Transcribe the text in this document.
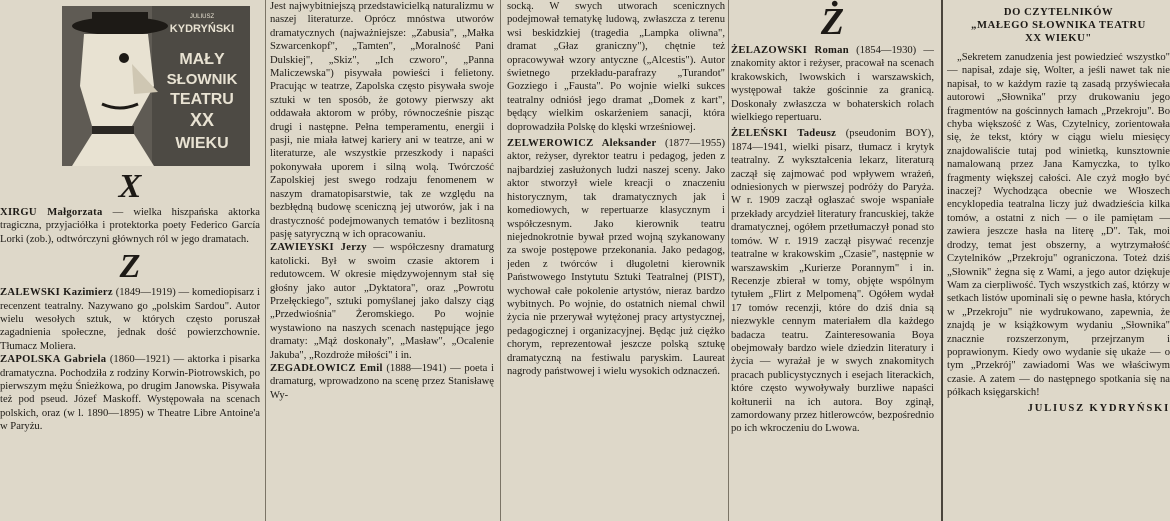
X

XIRGU Małgorzata — wielka hiszpańska aktorka tragiczna, przyjaciółka i protektorka poety Federico García Lorki (zob.), odtwórczyni głównych ról w jego dramatach.

Z

ZALEWSKI Kazimierz (1849—1919) — komediopisarz i recenzent teatralny. Nazywano go „polskim Sardou". Autor wielu wesołych sztuk, w których często poruszał zagadnienia społeczne, jednak dość powierzchownie. Tłumacz Moliera.

ZAPOLSKA Gabriela (1860—1921) — aktorka i pisarka dramatyczna. Pochodziła z rodziny Korwin-Piotrowskich, po pierwszym mężu Śnieżkowa, po drugim Janowska. Pisywała też pod pseud. Józef Maskoff. Występowała na scenach polskich, oraz (w l. 1890—1895) w Theatre Libre Antoine'a w Paryżu.

JULIUSZ
KYDRYŃSKI
MAŁY
SŁOWNIK
TEATRU
XX
WIEKU

Jest najwybitniejszą przedstawicielką naturalizmu w naszej literaturze. Oprócz mnóstwa utworów dramatycznych (najważniejsze: „Zabusia", „Małka Szwarcenkopf", „Tamten", „Moralność Pani Dulskiej", „Skiz", „Ich czworo", „Panna Maliczewska") pisywała powieści i felietony. Pracując w teatrze, Zapolska często pisywała swoje sztuki w ten sposób, że gotowy pierwszy akt oddawała aktorom w próby, równocześnie pisząc drugi i następne. Pełna temperamentu, energii i pasji, nie miała łatwej kariery ani w teatrze, ani w literaturze, ale wszystkie przeszkody i napaści pokonywała uporem i silną wolą. Twórczość Zapolskiej jest swego rodzaju fenomenem w naszym dramatopisarstwie, tak ze względu na bezbłędną budowę sceniczną jej utworów, jak i na drastyczność podejmowanych tematów i bezlitosną pasję satyryczną w ich opracowaniu.

ZAWIEYSKI Jerzy — współczesny dramaturg katolicki. Był w swoim czasie aktorem i redutowcem. W okresie międzywojennym stał się głośny jako autor „Dyktatora", oraz „Powrotu Przełęckiego", sztuki pomyślanej jako dalszy ciąg „Przedwiośnia" Żeromskiego. Po wojnie wystawiono na naszych scenach następujące jego dramaty: „Mąż doskonały", „Masław", „Ocalenie Jakuba", „Rozdroże miłości" i in.

ZEGADŁOWICZ Emil (1888—1941) — poeta i dramaturg, wprowadzono na scenę przez Stanisławę Wy-

socką. W swych utworach scenicznych podejmował tematykę ludową, zwłaszcza z terenu wsi beskidzkiej (tragedia „Lampka oliwna", dramat „Głaz graniczny"), chętnie też opracowywał wzory antyczne („Alcestis"). Autor świetnego przekładu-parafrazy „Turandot" Gozziego i „Fausta". Po wojnie wielki sukces teatralny odniósł jego dramat „Domek z kart", będący wielkim oskarżeniem sanacji, która doprowadziła Polskę do klęski wrześniowej.

ZELWEROWICZ Aleksander (1877—1955) aktor, reżyser, dyrektor teatru i pedagog, jeden z najbardziej zasłużonych ludzi naszej sceny. Jako aktor stworzył wiele kreacji o znaczeniu historycznym, tak dramatycznych jak i komediowych, w repertuarze klasycznym i współczesnym. Jako kierownik teatru niejednokrotnie bywał przed wojną szykanowany za swoje postępowe przekonania. Jako pedagog, jeden z twórców i długoletni kierownik Państwowego Instytutu Sztuki Teatralnej (PIST), wychował całe pokolenie artystów, nieraz bardzo wybitnych. Po wojnie, do ostatnich niemal chwil życia nie przerywał wytężonej pracy artystycznej, pedagogicznej i organizacyjnej. Będąc już ciężko chorym, reprezentował jeszcze polską sztukę dramatyczną na festiwalu paryskim. Laureat nagrody państwowej i wielu wysokich odznaczeń.

Ż

ŻELAZOWSKI Roman (1854—1930) — znakomity aktor i reżyser, pracował na scenach krakowskich, lwowskich i warszawskich, występował także gościnnie za granicą. Doskonały zwłaszcza w bohaterskich rolach wielkiego repertuaru.

ŻELEŃSKI Tadeusz (pseudonim BOY), 1874—1941, wielki pisarz, tłumacz i krytyk teatralny. Z wykształcenia lekarz, literaturą zaczął się zajmować pod wpływem wrażeń, odniesionych w pierwszej podróży do Paryża. W r. 1909 zaczął ogłaszać swoje wspaniałe przekłady arcydzieł literatury francuskiej, także dramatycznej, ogółem przetłumaczył ponad sto tomów. W r. 1919 zaczął pisywać recenzje teatralne w krakowskim „Czasie", następnie w warszawskim „Kurierze Porannym" i in. Recenzje zbierał w tomy, objęte wspólnym tytułem „Flirt z Melpomeną". Ogółem wydał 17 tomów recenzji, które do dziś dnia są niezwykle cennym materiałem dla każdego badacza teatru. Zainteresowania Boya obejmowały bardzo wiele dziedzin literatury i życia — wyrażał je w swych znakomitych pracach publicystycznych i esejach literackich, które często wywoływały burzliwe napaści kołtunerii na ich autora. Boy zginął, zamordowany przez hitlerowców, bezpośrednio po ich wkroczeniu do Lwowa.

DO CZYTELNIKÓW
„MAŁEGO SŁOWNIKA TEATRU
XX WIEKU"

„Sekretem zanudzenia jest powiedzieć wszystko" — napisał, zdaje się, Wolter, a jeśli nawet tak nie napisał, to w każdym razie tą zasadą przyświecała autorowi „Słownika" przy drukowaniu jego fragmentów na gościnnych łamach „Przekroju". Bo chyba większość z Was, Czytelnicy, zorientowała się, że tekst, który w ciągu wielu miesięcy znajdowaliście tutaj pod winietką, kunsztownie namalowaną przez Jana Kamyczka, to tylko fragmenty większej całości. Ale czyż mogło być inaczej? Wychodząca obecnie we Włoszech encyklopedia teatralna liczy już dwadzieścia kilka tomów, a ostatni z nich — o ile pamiętam — zawiera jeszcze hasła na literę „D". Tak, moi drodzy, temat jest obszerny, a wytrzymałość Czytelników „Przekroju" ograniczona. Toteż dziś „Słownik" żegna się z Wami, a jego autor dziękuje Wam za cierpliwość. Tych wszystkich zaś, którzy w setkach listów upominali się o pewne hasła, których w „Przekroju" nie wydrukowano, zapewnia, że znajdą je w książkowym wydaniu „Słownika" znacznie rozszerzonym, przejrzanym i poprawionym. Kiedy owo wydanie się ukaże — o tym „Przekrój" zawiadomi Was we właściwym czasie. A zatem — do następnego spotkania się na półkach księgarskich!

JULIUSZ KYDRYŃSKI
